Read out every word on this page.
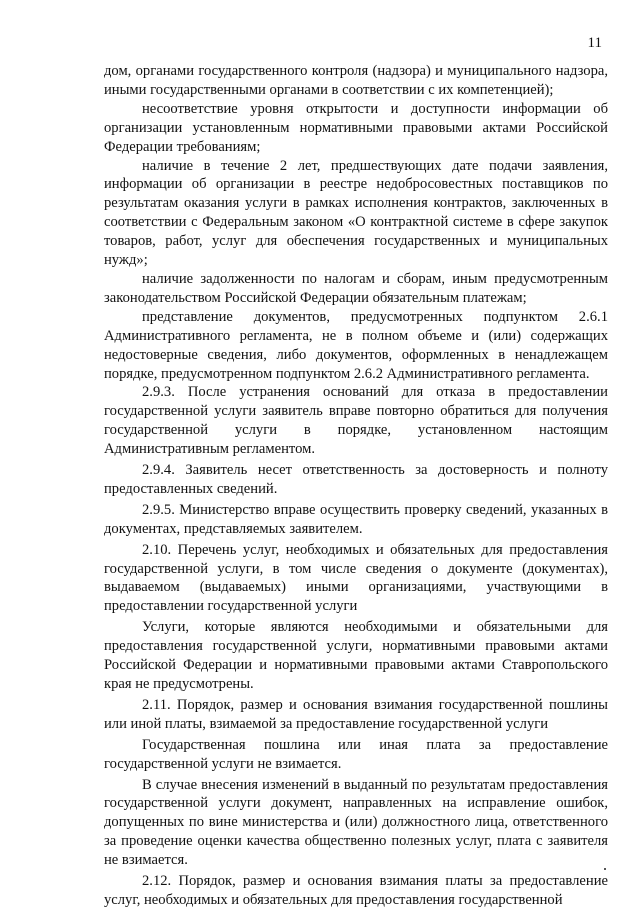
11

дом, органами государственного контроля (надзора) и муниципального надзора, иными государственными органами в соответствии с их компетенцией);

несоответствие уровня открытости и доступности информации об организации установленным нормативными правовыми актами Российской Федерации требованиям;

наличие в течение 2 лет, предшествующих дате подачи заявления, информации об организации в реестре недобросовестных поставщиков по результатам оказания услуги в рамках исполнения контрактов, заключенных в соответствии с Федеральным законом «О контрактной системе в сфере закупок товаров, работ, услуг для обеспечения государственных и муниципальных нужд»;

наличие задолженности по налогам и сборам, иным предусмотренным законодательством Российской Федерации обязательным платежам;

представление документов, предусмотренных подпунктом 2.6.1 Административного регламента, не в полном объеме и (или) содержащих недостоверные сведения, либо документов, оформленных в ненадлежащем порядке, предусмотренном подпунктом 2.6.2 Административного регламента.

2.9.3. После устранения оснований для отказа в предоставлении государственной услуги заявитель вправе повторно обратиться для получения государственной услуги в порядке, установленном настоящим Административным регламентом.

2.9.4. Заявитель несет ответственность за достоверность и полноту предоставленных сведений.

2.9.5. Министерство вправе осуществить проверку сведений, указанных в документах, представляемых заявителем.

2.10. Перечень услуг, необходимых и обязательных для предоставления государственной услуги, в том числе сведения о документе (документах), выдаваемом (выдаваемых) иными организациями, участвующими в предоставлении государственной услуги

Услуги, которые являются необходимыми и обязательными для предоставления государственной услуги, нормативными правовыми актами Российской Федерации и нормативными правовыми актами Ставропольского края не предусмотрены.

2.11. Порядок, размер и основания взимания государственной пошлины или иной платы, взимаемой за предоставление государственной услуги

Государственная пошлина или иная плата за предоставление государственной услуги не взимается.

В случае внесения изменений в выданный по результатам предоставления государственной услуги документ, направленных на исправление ошибок, допущенных по вине министерства и (или) должностного лица, ответственного за проведение оценки качества общественно полезных услуг, плата с заявителя не взимается.

2.12. Порядок, размер и основания взимания платы за предоставление услуг, необходимых и обязательных для предоставления государственной
